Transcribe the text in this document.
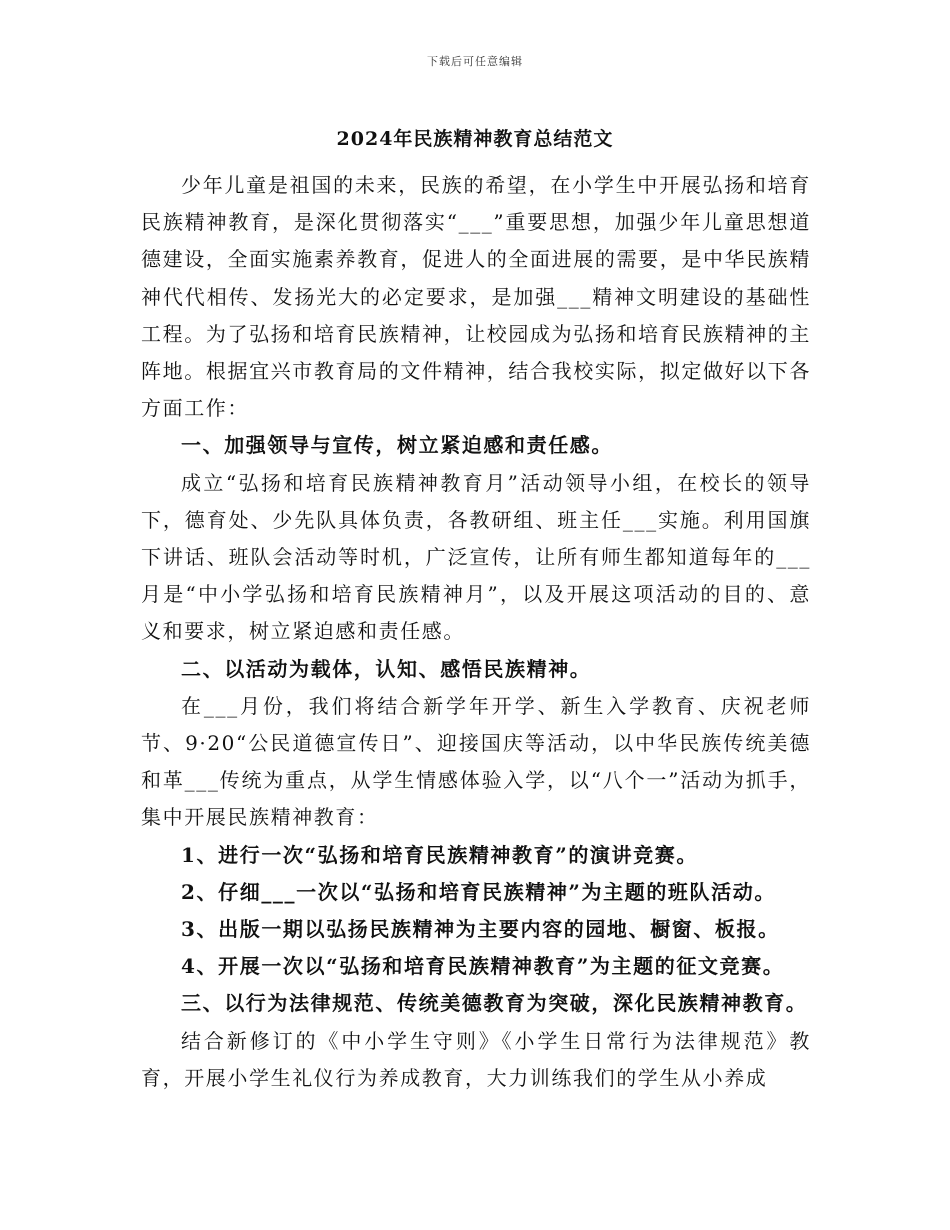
下载后可任意编辑
2024年民族精神教育总结范文

少年儿童是祖国的未来，民族的希望，在小学生中开展弘扬和培育民族精神教育，是深化贯彻落实“___”重要思想，加强少年儿童思想道德建设，全面实施素养教育，促进人的全面进展的需要，是中华民族精神代代相传、发扬光大的必定要求，是加强___精神文明建设的基础性工程。为了弘扬和培育民族精神，让校园成为弘扬和培育民族精神的主阵地。根据宜兴市教育局的文件精神，结合我校实际，拟定做好以下各方面工作：

一、加强领导与宣传，树立紧迫感和责任感。

成立“弘扬和培育民族精神教育月”活动领导小组，在校长的领导下，德育处、少先队具体负责，各教研组、班主任___实施。利用国旗下讲话、班队会活动等时机，广泛宣传，让所有师生都知道每年的___月是“中小学弘扬和培育民族精神月”，以及开展这项活动的目的、意义和要求，树立紧迫感和责任感。

二、以活动为载体，认知、感悟民族精神。

在___月份，我们将结合新学年开学、新生入学教育、庆祝老师节、9·20“公民道德宣传日”、迎接国庆等活动，以中华民族传统美德和革___传统为重点，从学生情感体验入学，以“八个一”活动为抓手，集中开展民族精神教育：

1、进行一次“弘扬和培育民族精神教育”的演讲竞赛。

2、仔细___一次以“弘扬和培育民族精神”为主题的班队活动。

3、出版一期以弘扬民族精神为主要内容的园地、橱窗、板报。

4、开展一次以“弘扬和培育民族精神教育”为主题的征文竞赛。

三、以行为法律规范、传统美德教育为突破，深化民族精神教育。

结合新修订的《中小学生守则》《小学生日常行为法律规范》教育，开展小学生礼仪行为养成教育，大力训练我们的学生从小养成
